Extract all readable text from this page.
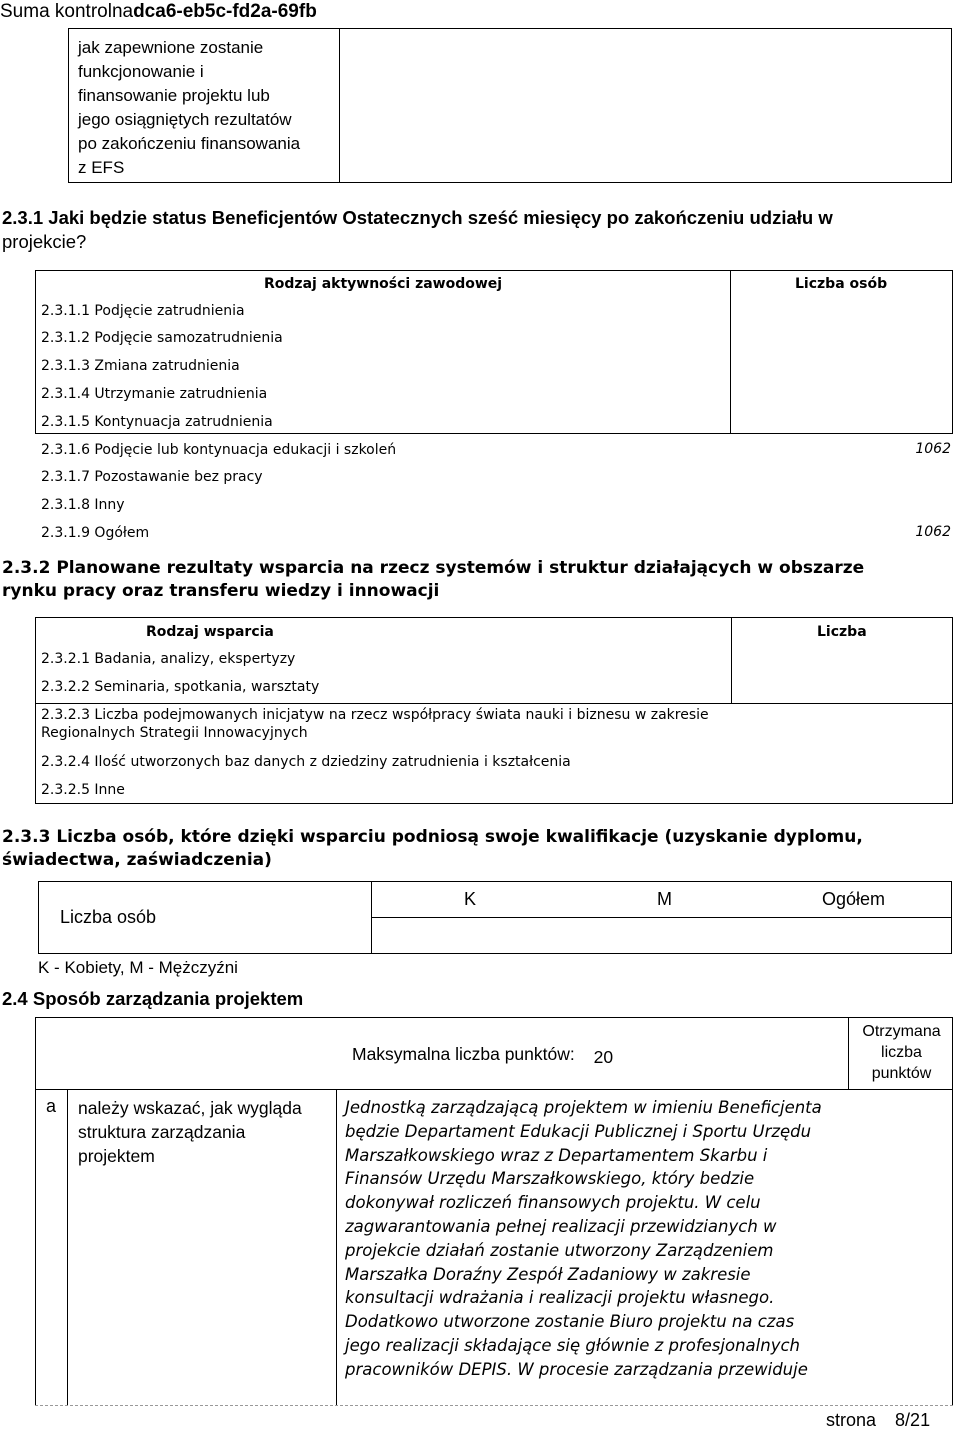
Suma kontrolnadca6-eb5c-fd2a-69fb
jak zapewnione zostanie
funkcjonowanie i
finansowanie projektu lub
jego osiągniętych rezultatów
po zakończeniu finansowania
z EFS
2.3.1 Jaki będzie status Beneficjentów Ostatecznych sześć miesięcy po zakończeniu udziału w
projekcie?
Rodzaj aktywności zawodowej	Liczba osób
2.3.1.1 Podjęcie zatrudnienia
2.3.1.2 Podjęcie samozatrudnienia
2.3.1.3 Zmiana zatrudnienia
2.3.1.4 Utrzymanie zatrudnienia
2.3.1.5 Kontynuacja zatrudnienia
2.3.1.6 Podjęcie lub kontynuacja edukacji i szkoleń	1062
2.3.1.7 Pozostawanie bez pracy
2.3.1.8 Inny
2.3.1.9 Ogółem	1062
2.3.2 Planowane rezultaty wsparcia na rzecz systemów i struktur działających w obszarze
rynku pracy oraz transferu wiedzy i innowacji
Rodzaj wsparcia	Liczba
2.3.2.1 Badania, analizy, ekspertyzy
2.3.2.2 Seminaria, spotkania, warsztaty
2.3.2.3 Liczba podejmowanych inicjatyw na rzecz współpracy świata nauki i biznesu w zakresie
Regionalnych Strategii Innowacyjnych
2.3.2.4 Ilość utworzonych baz danych z dziedziny zatrudnienia i kształcenia
2.3.2.5 Inne
2.3.3 Liczba osób, które dzięki wsparciu podniosą swoje kwalifikacje (uzyskanie dyplomu,
świadectwa, zaświadczenia)
Liczba osób
K	M	Ogółem
K - Kobiety, M - Mężczyźni
2.4 Sposób zarządzania projektem
Maksymalna liczba punktów: 20
Otrzymana
liczba
punktów
a należy wskazać, jak wygląda
struktura zarządzania
projektem
Jednostką zarządzającą projektem w imieniu Beneficjenta
będzie Departament Edukacji Publicznej i Sportu Urzędu
Marszałkowskiego wraz z Departamentem Skarbu i
Finansów Urzędu Marszałkowskiego, który bedzie
dokonywał rozliczeń finansowych projektu. W celu
zagwarantowania pełnej realizacji przewidzianych w
projekcie działań zostanie utworzony Zarządzeniem
Marszałka Doraźny Zespół Zadaniowy w zakresie
konsultacji wdrażania i realizacji projektu własnego.
Dodatkowo utworzone zostanie Biuro projektu na czas
jego realizacji składające się głównie z profesjonalnych
pracowników DEPIS. W procesie zarządzania przewiduje
strona 8/21
